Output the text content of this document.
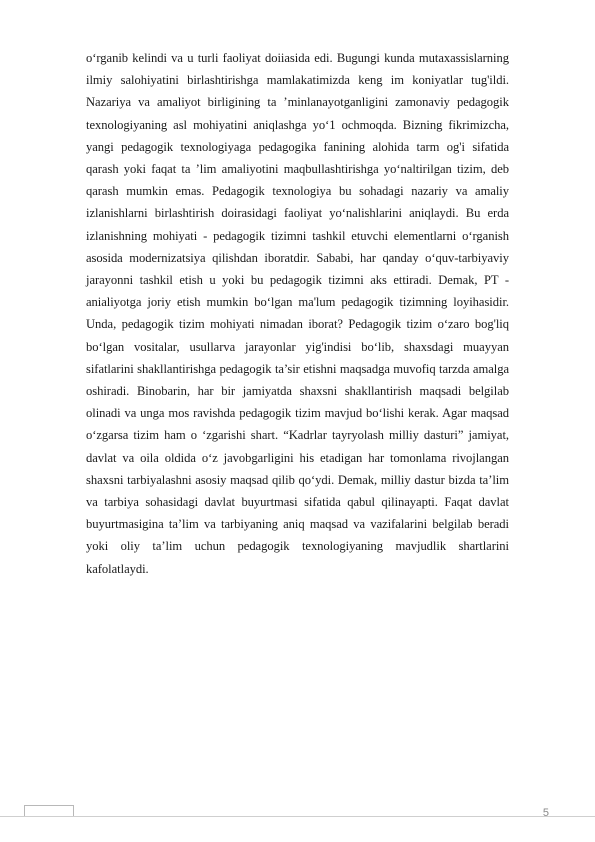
o‘rganib kelindi va u turli faoliyat doiiasida edi. Bugungi kunda mutaxassislarning ilmiy salohiyatini birlashtirishga mamlakatimizda keng im koniyatlar tug'ildi. Nazariya va amaliyot birligining ta ’minlanayotganligini zamonaviy pedagogik texnologiyaning asl mohiyatini aniqlashga yo‘1 ochmoqda. Bizning fikrimizcha, yangi pedagogik texnologiyaga pedagogika fanining alohida tarm og'i sifatida qarash yoki faqat ta ’lim amaliyotini maqbullashtirishga yo‘naltirilgan tizim, deb qarash mumkin emas. Pedagogik texnologiya bu sohadagi nazariy va amaliy izlanishlarni birlashtirish doirasidagi faoliyat yo‘nalishlarini aniqlaydi. Bu erda izlanishning mohiyati - pedagogik tizimni tashkil etuvchi elementlarni o‘rganish asosida modernizatsiya qilishdan iboratdir. Sababi, har qanday o‘quv-tarbiyaviy jarayonni tashkil etish u yoki bu pedagogik tizimni aks ettiradi. Demak, PT - anialiyotga joriy etish mumkin bo‘lgan ma'lum pedagogik tizimning loyihasidir. Unda, pedagogik tizim mohiyati nimadan iborat? Pedagogik tizim o‘zaro bog'liq bo‘lgan vositalar, usullarva jarayonlar yig'indisi bo‘lib, shaxsdagi muayyan sifatlarini shakllantirishga pedagogik ta’sir etishni maqsadga muvofiq tarzda amalga oshiradi. Binobarin, har bir jamiyatda shaxsni shakllantirish maqsadi belgilab olinadi va unga mos ravishda pedagogik tizim mavjud bo‘lishi kerak. Agar maqsad o‘zgarsa tizim ham o ‘zgarishi shart. “Kadrlar tayryolash milliy dasturi” jamiyat, davlat va oila oldida o‘z javobgarligini his etadigan har tomonlama rivojlangan shaxsni tarbiyalashni asosiy maqsad qilib qo‘ydi. Demak, milliy dastur bizda ta’lim va tarbiya sohasidagi davlat buyurtmasi sifatida qabul qilinayapti. Faqat davlat buyurtmasigina ta’lim va tarbiyaning aniq maqsad va vazifalarini belgilab beradi yoki oliy ta’lim uchun pedagogik texnologiyaning mavjudlik shartlarini kafolatlaydi.

5
